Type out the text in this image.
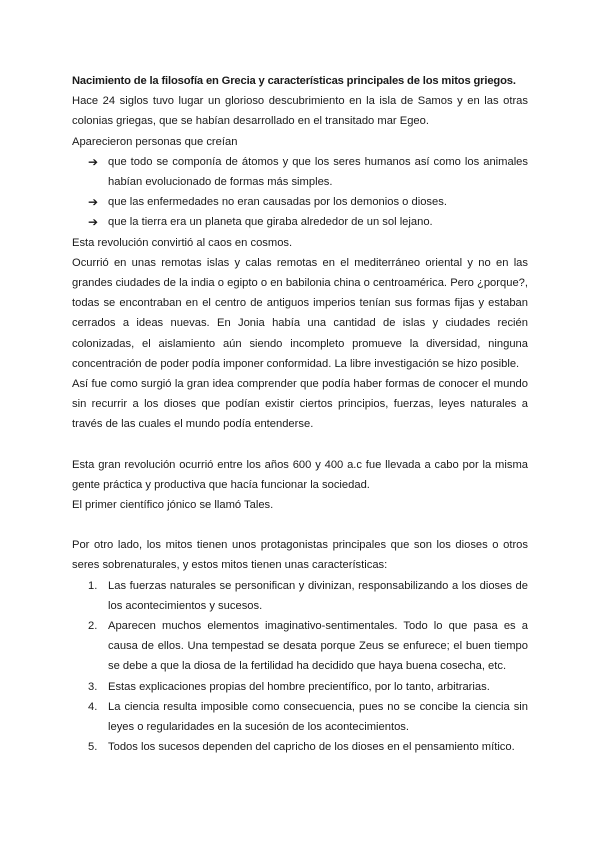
Nacimiento de la filosofía en Grecia y características principales de los mitos griegos.

Hace 24 siglos tuvo lugar un glorioso descubrimiento en la isla de Samos y en las otras colonias griegas, que se habían desarrollado en el transitado mar Egeo.

Aparecieron personas que creían

➔ que todo se componía de átomos y que los seres humanos así como los animales habían evolucionado de formas más simples.
➔ que las enfermedades no eran causadas por los demonios o dioses.
➔ que la tierra era un planeta que giraba alrededor de un sol lejano.

Esta revolución convirtió al caos en cosmos.

Ocurrió en unas remotas islas y calas remotas en el mediterráneo oriental y no en las grandes ciudades de la india o egipto o en babilonia china o centroamérica. Pero ¿porque?, todas se encontraban en el centro de antiguos imperios tenían sus formas fijas y estaban cerrados a ideas nuevas. En Jonia había una cantidad de islas y ciudades recién colonizadas, el aislamiento aún siendo incompleto promueve la diversidad, ninguna concentración de poder podía imponer conformidad. La libre investigación se hizo posible.

Así fue como surgió la gran idea comprender que podía haber formas de conocer el mundo sin recurrir a los dioses que podían existir ciertos principios, fuerzas, leyes naturales a través de las cuales el mundo podía entenderse.

Esta gran revolución ocurrió entre los años 600 y 400 a.c fue llevada a cabo por la misma gente práctica y productiva que hacía funcionar la sociedad.

El primer científico jónico se llamó Tales.

Por otro lado, los mitos tienen unos protagonistas principales que son los dioses o otros seres sobrenaturales, y estos mitos tienen unas características:

1. Las fuerzas naturales se personifican y divinizan, responsabilizando a los dioses de los acontecimientos y sucesos.
2. Aparecen muchos elementos imaginativo-sentimentales. Todo lo que pasa es a causa de ellos. Una tempestad se desata porque Zeus se enfurece; el buen tiempo se debe a que la diosa de la fertilidad ha decidido que haya buena cosecha, etc.
3. Estas explicaciones propias del hombre precientífico, por lo tanto, arbitrarias.
4. La ciencia resulta imposible como consecuencia, pues no se concibe la ciencia sin leyes o regularidades en la sucesión de los acontecimientos.
5. Todos los sucesos dependen del capricho de los dioses en el pensamiento mítico.
